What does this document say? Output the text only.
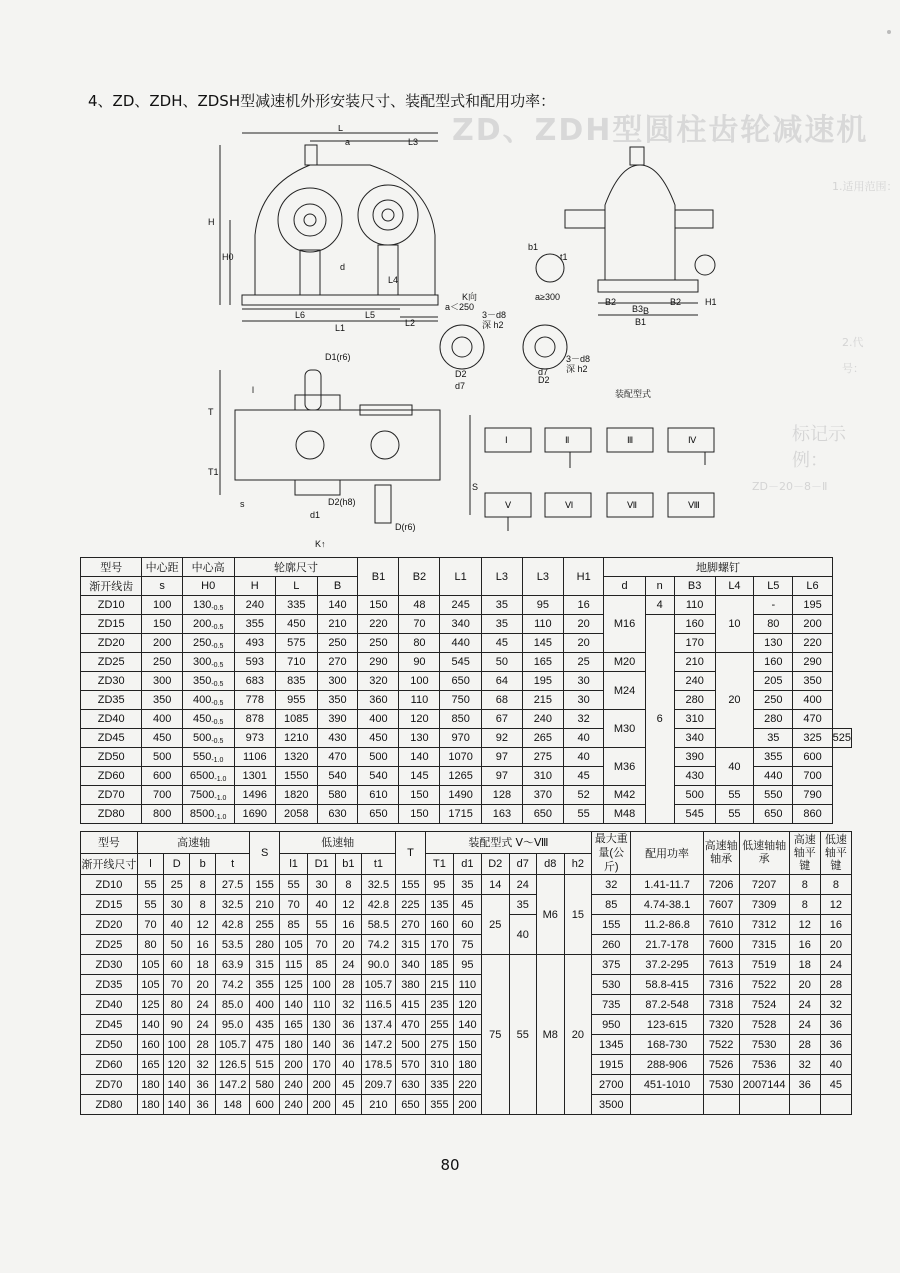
4、ZD、ZDH、ZDSH型减速机外形安装尺寸、装配型式和配用功率：
ZD、ZDH型圆柱齿轮减速机
1.适用范围：
2.代号：
标记示例：
ZD－20－8－Ⅱ
L
a	L3
H
H0
L4
L6	L5
L2
L1
d
D1(r6)
D2(h8)
D(r6)
T
T1
d1
S
s
l
K↑
K向
a＜250
a≥300
3－d8
深 h2
3－d8
深 h2
D2
d7
d7
D2
b1
t1
B2
B3
B2
B
B1
H1
装配型式
Ⅰ	Ⅱ	Ⅲ	Ⅳ
Ⅴ	Ⅵ	Ⅶ	Ⅷ
型号	中心距	中心高	轮廓尺寸			B1	B2	L1	L3	L3	H1	地脚螺钉						
渐开线齿	s	H0	H	L	B							d	n	B3	L4	L5	L6	
ZD10	100	$130_{-0.5}$	240	335	140	150	48	245	35	95	16	M16	4	110	10	-	195	
ZD15	150	$200_{-0.5}$	355	450	210	220	70	340	35	110	20		6	160		80	200	
ZD20	200	$250_{-0.5}$	493	575	250	250	80	440	45	145	20			170		130	220	
ZD25	250	$300_{-0.5}$	593	710	270	290	90	545	50	165	25	M20		210	20	160	290	
ZD30	300	$350_{-0.5}$	683	835	300	320	100	650	64	195	30	M24		240		205	350	
ZD35	350	$400_{-0.5}$	778	955	350	360	110	750	68	215	30			280		250	400	
ZD40	400	$450_{-0.5}$	878	1085	390	400	120	850	67	240	32	M30		310		280	470	
ZD45	450	$500_{-0.5}$	973	1210	430	450	130	970	92	265	40			340		35	325	525
ZD50	500	$550_{-1.0}$	1106	1320	470	500	140	1070	97	275	40	M36		390	40	355	600	
ZD60	600	$6500_{-1.0}$	1301	1550	540	540	145	1265	97	310	45			430		440	700	
ZD70	700	$7500_{-1.0}$	1496	1820	580	610	150	1490	128	370	52	M42		500	55	550	790	
ZD80	800	$8500_{-1.0}$	1690	2058	630	650	150	1715	163	650	55	M48		545	55	650	860	
型号	高速轴				S	低速轴				T	装配型式 Ⅴ～Ⅷ						最大重量(公斤)	配用功率	高速轴轴承	低速轴轴承	高速轴平键	低速轴平键
渐开线尺寸	l	D	b	t		l1	D1	b1	t1		T1	d1	D2	d7	d8	h2						
ZD10	55	25	8	27.5	155	55	30	8	32.5	155	95	35	14	24	M6	15	32	1.41-11.7	7206	7207	8	8
ZD15	55	30	8	32.5	210	70	40	12	42.8	225	135	45	25	35			85	4.74-38.1	7607	7309	8	12
ZD20	70	40	12	42.8	255	85	55	16	58.5	270	160	60		40			155	11.2-86.8	7610	7312	12	16
ZD25	80	50	16	53.5	280	105	70	20	74.2	315	170	75					260	21.7-178	7600	7315	16	20
ZD30	105	60	18	63.9	315	115	85	24	90.0	340	185	95	75	55	M8	20	375	37.2-295	7613	7519	18	24
ZD35	105	70	20	74.2	355	125	100	28	105.7	380	215	110					530	58.8-415	7316	7522	20	28
ZD40	125	80	24	85.0	400	140	110	32	116.5	415	235	120					735	87.2-548	7318	7524	24	32
ZD45	140	90	24	95.0	435	165	130	36	137.4	470	255	140					950	123-615	7320	7528	24	36
ZD50	160	100	28	105.7	475	180	140	36	147.2	500	275	150					1345	168-730	7522	7530	28	36
ZD60	165	120	32	126.5	515	200	170	40	178.5	570	310	180					1915	288-906	7526	7536	32	40
ZD70	180	140	36	147.2	580	240	200	45	209.7	630	335	220					2700	451-1010	7530	2007144	36	45
ZD80	180	140	36	148	600	240	200	45	210	650	355	200					3500					
80
